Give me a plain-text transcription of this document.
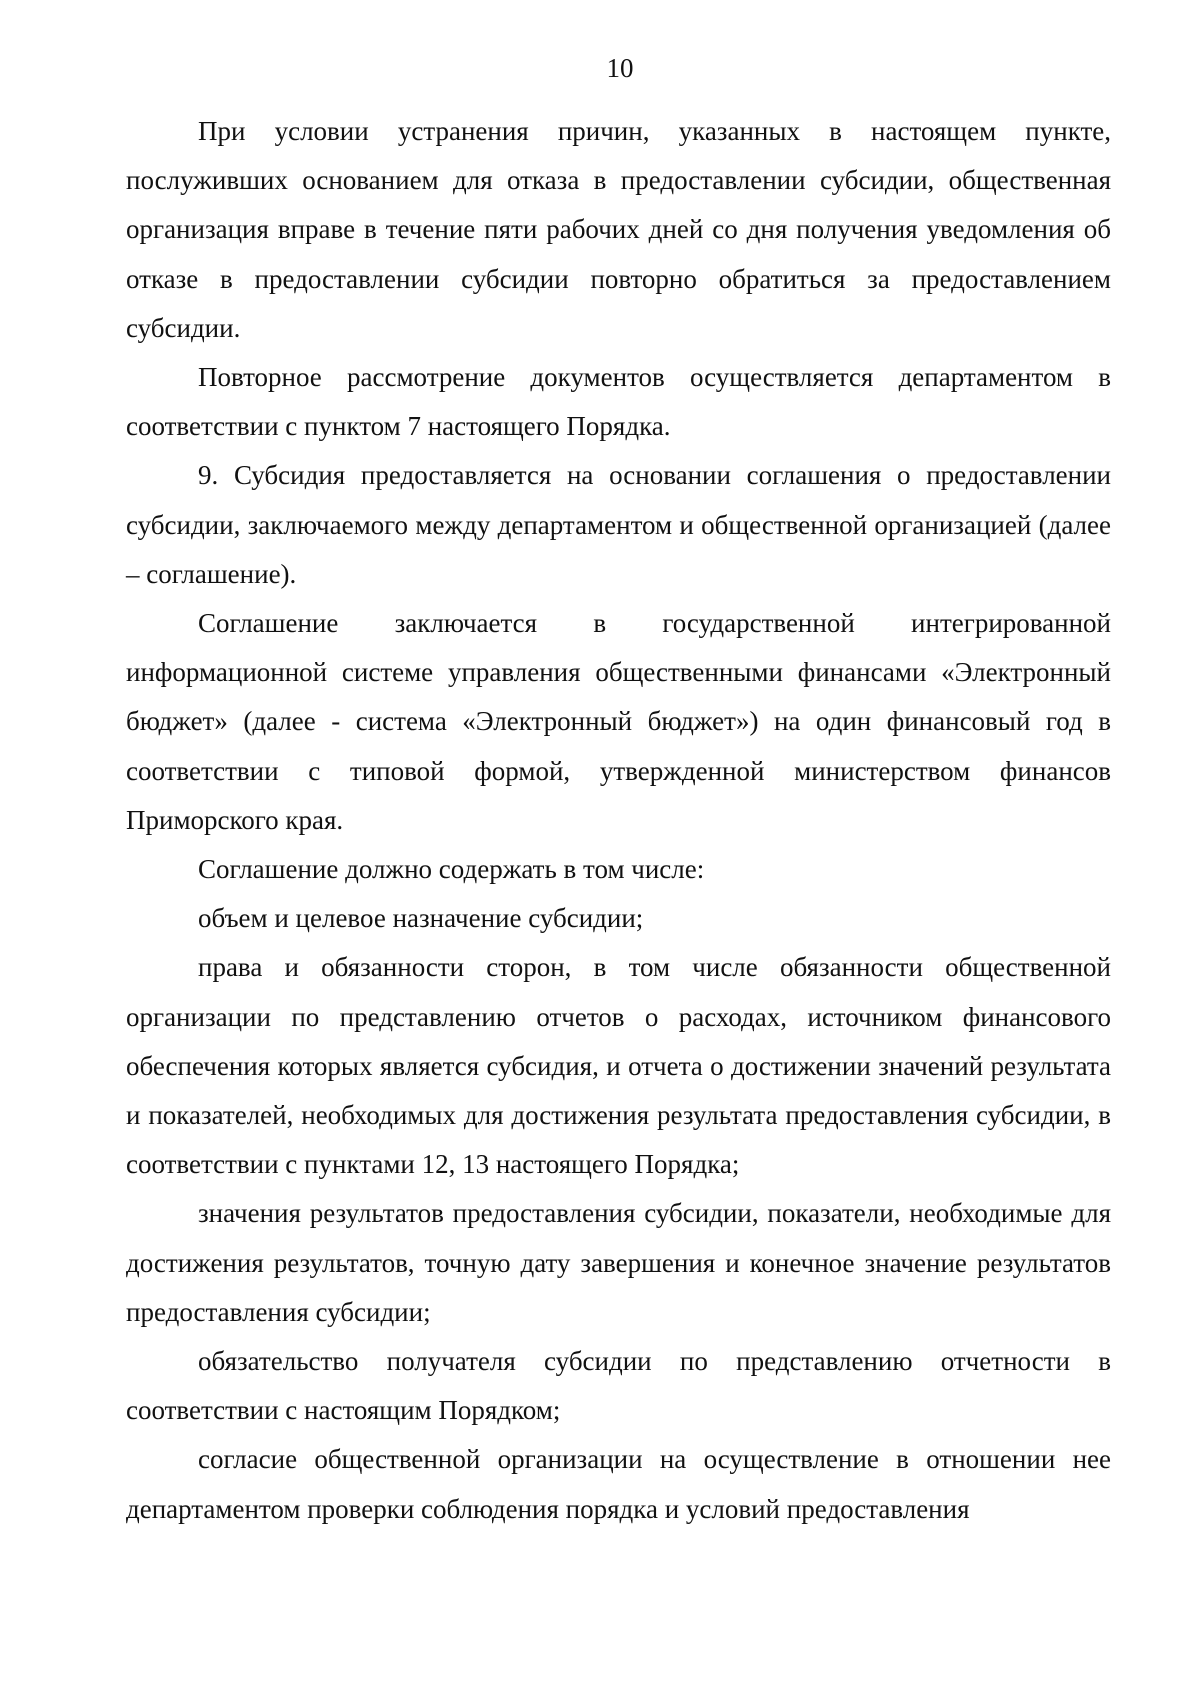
10

При условии устранения причин, указанных в настоящем пункте, послуживших основанием для отказа в предоставлении субсидии, общественная организация вправе в течение пяти рабочих дней со дня получения уведомления об отказе в предоставлении субсидии повторно обратиться за предоставлением субсидии.

Повторное рассмотрение документов осуществляется департаментом в соответствии с пунктом 7 настоящего Порядка.

9. Субсидия предоставляется на основании соглашения о предоставлении субсидии, заключаемого между департаментом и общественной организацией (далее – соглашение).

Соглашение заключается в государственной интегрированной информационной системе управления общественными финансами «Электронный бюджет» (далее - система «Электронный бюджет») на один финансовый год в соответствии с типовой формой, утвержденной министерством финансов Приморского края.

Соглашение должно содержать в том числе:

объем и целевое назначение субсидии;

права и обязанности сторон, в том числе обязанности общественной организации по представлению отчетов о расходах, источником финансового обеспечения которых является субсидия, и отчета о достижении значений результата и показателей, необходимых для достижения результата предоставления субсидии, в соответствии с пунктами 12, 13 настоящего Порядка;

значения результатов предоставления субсидии, показатели, необходимые для достижения результатов, точную дату завершения и конечное значение результатов предоставления субсидии;

обязательство получателя субсидии по представлению отчетности в соответствии с настоящим Порядком;

согласие общественной организации на осуществление в отношении нее департаментом проверки соблюдения порядка и условий предоставления
